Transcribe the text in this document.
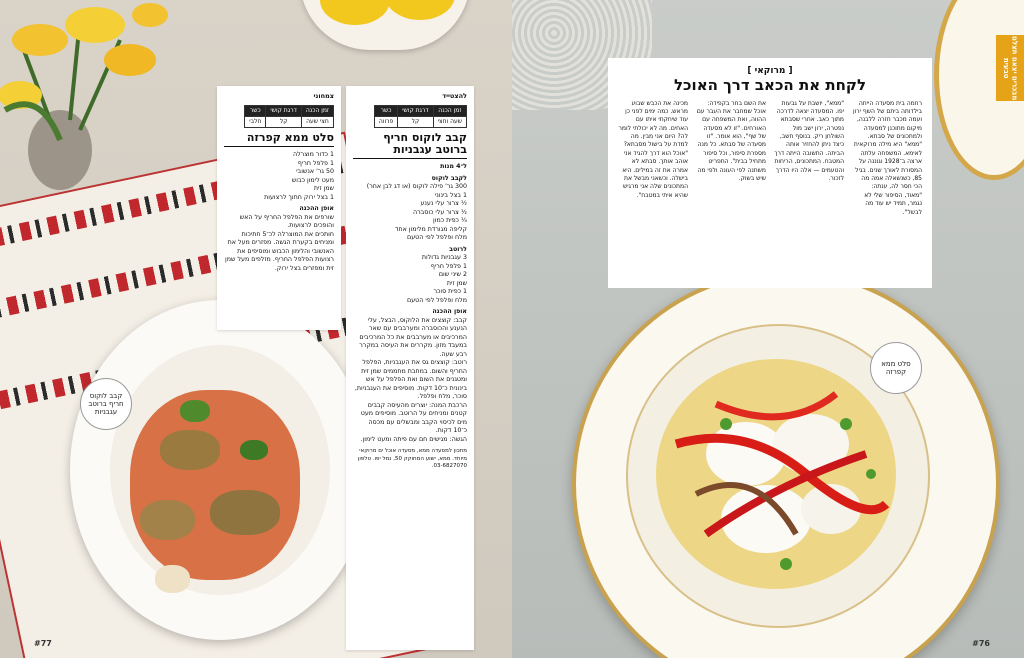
קבב לוקוס חריף ברוטב עגבניות
צמחוני
זמן הכנה	דרגת קושי	כשר
חצי שעה	קל	חלבי
סלט ממא קפרזה

1 כדור מוצרלה

1 פלפל חריף

50 גר' אנשובי

מעט לימון כבוש

שמן זית

1 בצל ירוק חתוך לרצועות

אופן ההכנה

שורפים את הפלפל החריף על האש והופכים לרצועות.

חותכים את המוצרלה לכ־5 חתיכות ומניחים בקערת הגשה. מפזרים מעל את האנשובי והלימון הכבוש ומוסיפים את רצועות הפלפל החריף. מזלפים מעל שמן זית ומפזרים בצל ירוק.

להצטייד
זמן הכנה	דרגת קושי	כשר
שעה וחצי	קל	פרווה
קבב לוקוס חריף ברוטב עגבניות

ל־4 מנות

לקבב לוקוס

300 גר' פילה לוקוס (או דג לבן אחר)

1 בצל בינוני

½ צרור עלי נענע

½ צרור עלי כוסברה

¼ כפית כמון

קליפה מגורדת מלימון אחד

מלח ופלפל לפי הטעם

לרוטב

3 עגבניות גדולות

1 פלפל חריף

2 שיני שום

שמן זית

1 כפית סוכר

מלח ופלפל לפי הטעם

אופן ההכנה

קבב: קוצצים את הלוקוס, הבצל, עלי הנענע והכוסברה ומערבבים עם שאר המרכיבים או מערבבים את כל המרכיבים במעבד מזון. מקררים את העיסה במקרר רבע שעה.

רוטב: קוצצים גס את העגבניות, הפלפל החריף והשום. במחבת מחממים שמן זית ומטגנים את השום ואת הפלפל על אש בינונית כ־10 דקות. מוסיפים את העגבניות, סוכר, מלח ופלפל.

הרכבת המנה: יוצרים מהעיסה קבבים קטנים ומניחים על הרוטב. מוסיפים מעט מים לכיסוי הקבב ומבשלים עם מכסה כ־10 דקות.

הגשה: מגישים חם עם פיתה ומעט לימון.

מתכון למסעדה ממא, מסעדה אוכל ים מרוקאי מיוחד. ממא, ישוע המחוקק 50, נמל יפו. טלפון 03-6827070.

#77
סלט ממא קפרזה
מבכרים יצאם תצלם טבעית
[ מרוקאי ]
לקחת את הכאב דרך האוכל

רחמה בית מסעדה הייתה בילדותה ביתם של השף ירון ועמה מכבר חזרה ללבנה, מיקום מתוכנן למסעדה ולמתכונים של סבתא. "ממא" היא מילה מרוקאית לאימא. המשפחה עלתה ארצה ב־1928 וגוננה על המסורת לאורך שנים. בגיל 85, כשנשאלה אמה מה הכי חסר לה, ענתה: "מאוד, הסיפור שלי לא נגמר, תמיד יש עוד מה לבשל".

"ממא", יושבת על גבעות יפו. המסעדה יצאה לדרכה מתוך כאב. אחרי שסבתא נפטרה, ירון ישב מול השולחן ריק. בנוסף חשב, כיצד ניתן להחזיר אותה הביתה. התשובה הייתה דרך המטבח. המתכונים, הריחות והטעמים — אלה היו הדרך לזכור.

את השם בחר בקפידה: אוכל שמחבר את העבר עם ההווה, ואת המשפחה עם האורחים. "זו לא מסעדה של שף", הוא אומר. "זו מסעדה של סבתא. כל מנה מספרת סיפור, וכל סיפור מתחיל בבית". התפריט משתנה לפי העונה ולפי מה שיש בשוק.

מכינה את הכבש שבוע מראש. כמה ימים לפני כן עוד שיחקתי איתו עם האחים. מה לא יכולתי לומר לה? היום אני מבין. מה למדת על בישול מסבתא? "אוכל הוא דרך להגיד אני אוהב אותך. סבתא לא אמרה את זה במילים. היא בישלה. וכשאני מבשל את המתכונים שלה אני מרגיש שהיא איתי במטבח".

#76
